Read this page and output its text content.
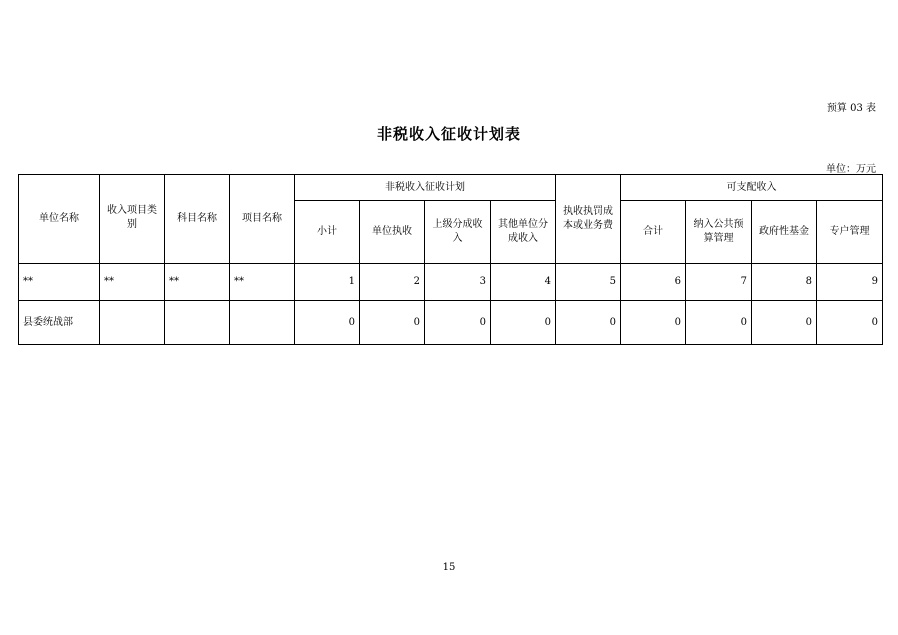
预算 03 表
非税收入征收计划表
单位：万元
单位名称	收入项目类别	科目名称	项目名称	非税收入征收计划				执收执罚成本或业务费	可支配收入			
				小计	单位执收	上级分成收入	其他单位分成收入		合计	纳入公共预算管理	政府性基金	专户管理
**	**	**	**	1	2	3	4	5	6	7	8	9
县委统战部				0	0	0	0	0	0	0	0	0
15
